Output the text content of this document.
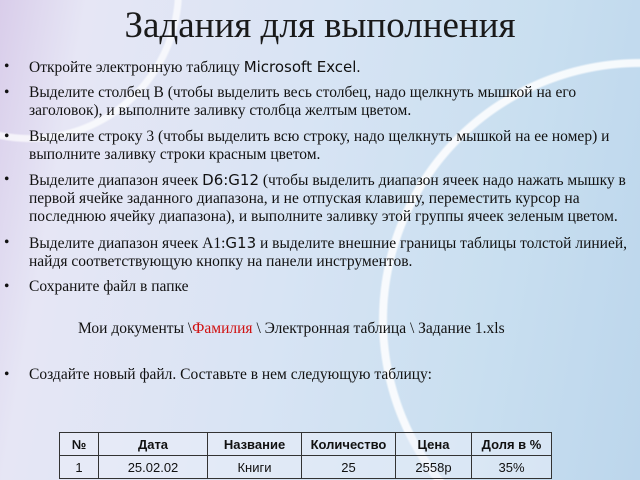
Задания для выполнения
• Откройте электронную таблицу Microsoft Excel.
• Выделите столбец В (чтобы выделить весь столбец, надо щелкнуть мышкой на его заголовок), и выполните заливку столбца желтым цветом.
• Выделите строку 3 (чтобы выделить всю строку, надо щелкнуть мышкой на ее номер) и выполните заливку строки красным цветом.
• Выделите диапазон ячеек D6:G12 (чтобы выделить диапазон ячеек надо нажать мышку в первой ячейке заданного диапазона, и не отпуская клавишу, переместить курсор на последнюю ячейку диапазона), и выполните заливку этой группы ячеек зеленым цветом.
• Выделите диапазон ячеек А1:G13 и выделите внешние границы таблицы толстой линией, найдя соответствующую кнопку на панели инструментов.
• Сохраните файл в папке
Мои документы \Фамилия \ Электронная таблица \ Задание 1.xls
• Создайте новый файл. Составьте в нем следующую таблицу:
№	Дата	Название	Количество	Цена	Доля в %
1	25.02.02	Книги	25	2558р	35%
